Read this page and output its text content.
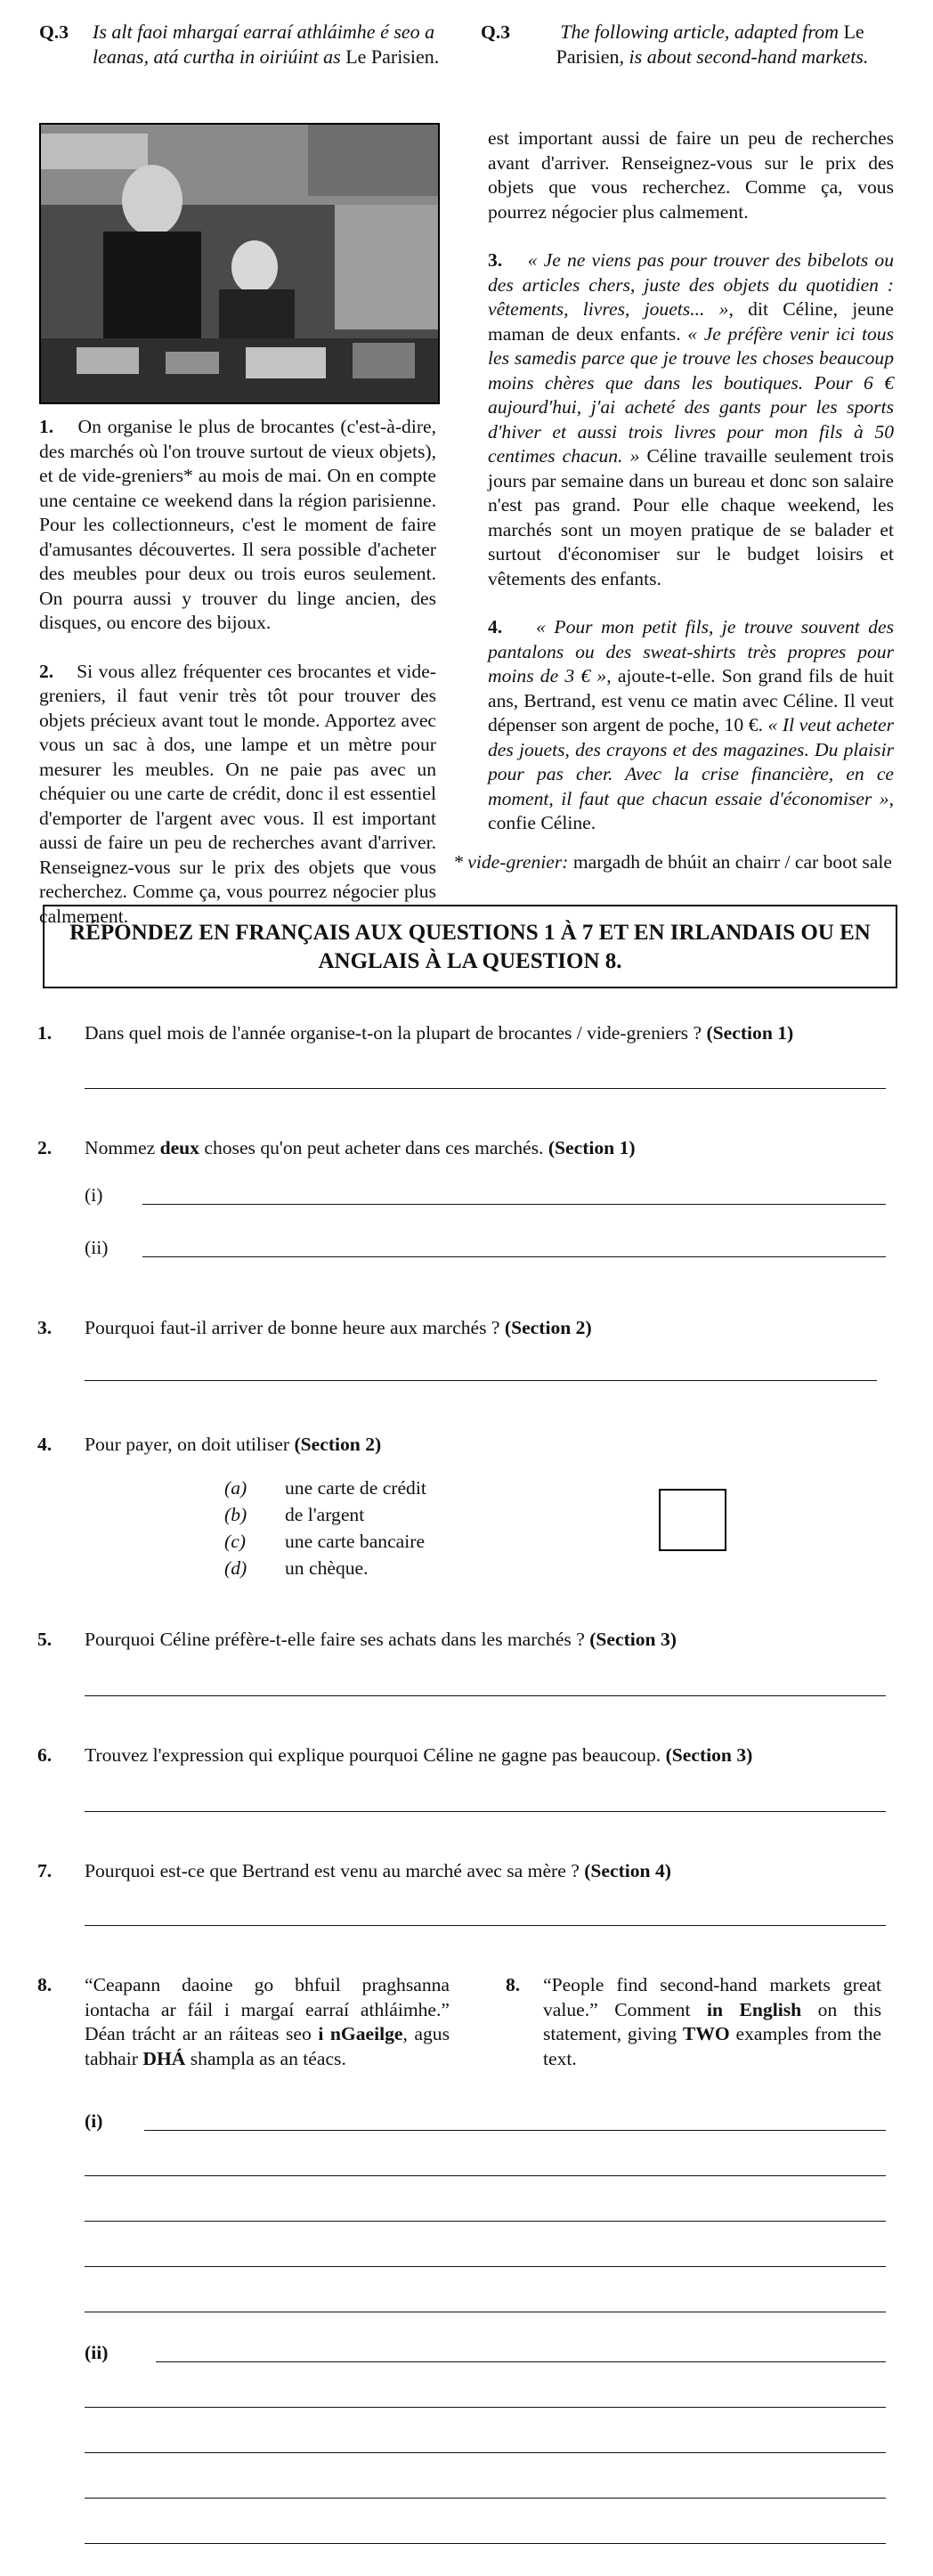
Q.3 Is alt faoi mhargaí earraí athláimhe é seo a leanas, atá curtha in oiriúint as Le Parisien.
Q.3	The following article, adapted from Le Parisien, is about second-hand markets.

1. On organise le plus de brocantes (c'est-à-dire, des marchés où l'on trouve surtout de vieux objets), et de vide-greniers* au mois de mai. On en compte une centaine ce weekend dans la région parisienne. Pour les collectionneurs, c'est le moment de faire d'amusantes découvertes. Il sera possible d'acheter des meubles pour deux ou trois euros seulement. On pourra aussi y trouver du linge ancien, des disques, ou encore des bijoux.

2. Si vous allez fréquenter ces brocantes et vide-greniers, il faut venir très tôt pour trouver des objets précieux avant tout le monde. Apportez avec vous un sac à dos, une lampe et un mètre pour mesurer les meubles. On ne paie pas avec un chéquier ou une carte de crédit, donc il est essentiel d'emporter de l'argent avec vous. Il est important aussi de faire un peu de recherches avant d'arriver. Renseignez-vous sur le prix des objets que vous recherchez. Comme ça, vous pourrez négocier plus calmement.

est important aussi de faire un peu de recherches avant d'arriver. Renseignez-vous sur le prix des objets que vous recherchez. Comme ça, vous pourrez négocier plus calmement.

3. « Je ne viens pas pour trouver des bibelots ou des articles chers, juste des objets du quotidien : vêtements, livres, jouets... », dit Céline, jeune maman de deux enfants. « Je préfère venir ici tous les samedis parce que je trouve les choses beaucoup moins chères que dans les boutiques. Pour 6 € aujourd'hui, j'ai acheté des gants pour les sports d'hiver et aussi trois livres pour mon fils à 50 centimes chacun. » Céline travaille seulement trois jours par semaine dans un bureau et donc son salaire n'est pas grand. Pour elle chaque weekend, les marchés sont un moyen pratique de se balader et surtout d'économiser sur le budget loisirs et vêtements des enfants.

4. « Pour mon petit fils, je trouve souvent des pantalons ou des sweat-shirts très propres pour moins de 3 € », ajoute-t-elle. Son grand fils de huit ans, Bertrand, est venu ce matin avec Céline. Il veut dépenser son argent de poche, 10 €. « Il veut acheter des jouets, des crayons et des magazines. Du plaisir pour pas cher. Avec la crise financière, en ce moment, il faut que chacun essaie d'économiser », confie Céline.

* vide-grenier: margadh de bhúit an chairr / car boot sale
RÉPONDEZ EN FRANÇAIS AUX QUESTIONS 1 À 7 ET EN IRLANDAIS OU EN ANGLAIS À LA QUESTION 8.
1. Dans quel mois de l'année organise-t-on la plupart de brocantes / vide-greniers ? (Section 1)
2. Nommez deux choses qu'on peut acheter dans ces marchés. (Section 1)
(i)
(ii)
3. Pourquoi faut-il arriver de bonne heure aux marchés ? (Section 2)
4. Pour payer, on doit utiliser (Section 2)
(a) une carte de crédit
(b) de l'argent
(c) une carte bancaire
(d) un chèque.
5. Pourquoi Céline préfère-t-elle faire ses achats dans les marchés ? (Section 3)
6. Trouvez l'expression qui explique pourquoi Céline ne gagne pas beaucoup. (Section 3)
7. Pourquoi est-ce que Bertrand est venu au marché avec sa mère ? (Section 4)
8. “Ceapann daoine go bhfuil praghsanna iontacha ar fáil i margaí earraí athláimhe.” Déan trácht ar an ráiteas seo i nGaeilge, agus tabhair DHÁ shampla as an téacs.
8. “People find second-hand markets great value.” Comment in English on this statement, giving TWO examples from the text.
(i)
(ii)
